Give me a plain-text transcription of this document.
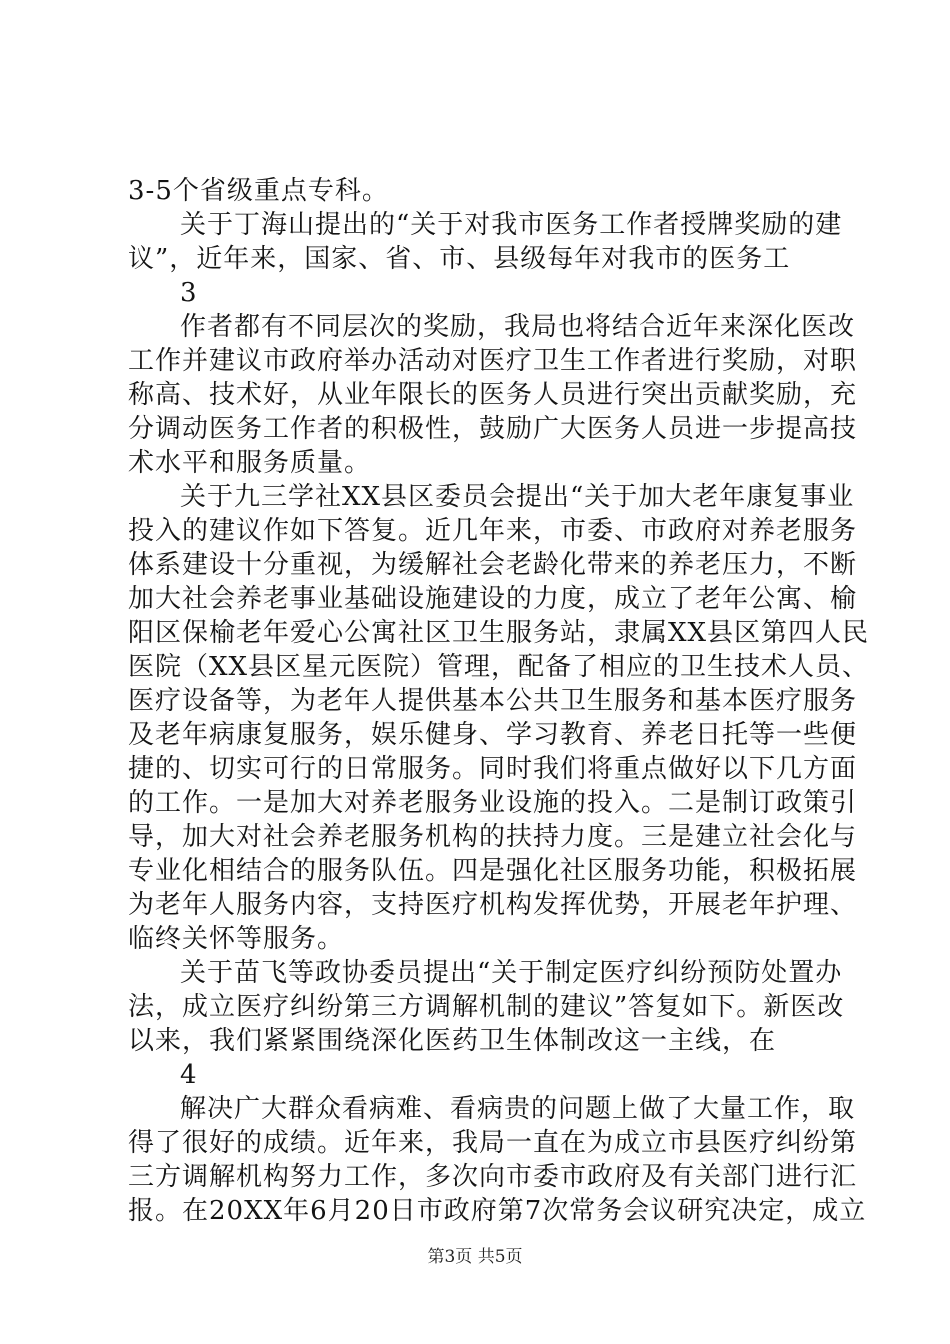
3-5个省级重点专科。
关于丁海山提出的“关于对我市医务工作者授牌奖励的建
议”，近年来，国家、省、市、县级每年对我市的医务工
3
作者都有不同层次的奖励，我局也将结合近年来深化医改
工作并建议市政府举办活动对医疗卫生工作者进行奖励，对职
称高、技术好，从业年限长的医务人员进行突出贡献奖励，充
分调动医务工作者的积极性，鼓励广大医务人员进一步提高技
术水平和服务质量。
关于九三学社XX县区委员会提出“关于加大老年康复事业
投入的建议作如下答复。近几年来，市委、市政府对养老服务
体系建设十分重视，为缓解社会老龄化带来的养老压力，不断
加大社会养老事业基础设施建设的力度，成立了老年公寓、榆
阳区保榆老年爱心公寓社区卫生服务站，隶属XX县区第四人民
医院（XX县区星元医院）管理，配备了相应的卫生技术人员、
医疗设备等，为老年人提供基本公共卫生服务和基本医疗服务
及老年病康复服务，娱乐健身、学习教育、养老日托等一些便
捷的、切实可行的日常服务。同时我们将重点做好以下几方面
的工作。一是加大对养老服务业设施的投入。二是制订政策引
导，加大对社会养老服务机构的扶持力度。三是建立社会化与
专业化相结合的服务队伍。四是强化社区服务功能，积极拓展
为老年人服务内容，支持医疗机构发挥优势，开展老年护理、
临终关怀等服务。
关于苗飞等政协委员提出“关于制定医疗纠纷预防处置办
法，成立医疗纠纷第三方调解机制的建议”答复如下。新医改
以来，我们紧紧围绕深化医药卫生体制改这一主线，在
4
解决广大群众看病难、看病贵的问题上做了大量工作，取
得了很好的成绩。近年来，我局一直在为成立市县医疗纠纷第
三方调解机构努力工作，多次向市委市政府及有关部门进行汇
报。在20XX年6月20日市政府第7次常务会议研究决定，成立
第3页 共5页
